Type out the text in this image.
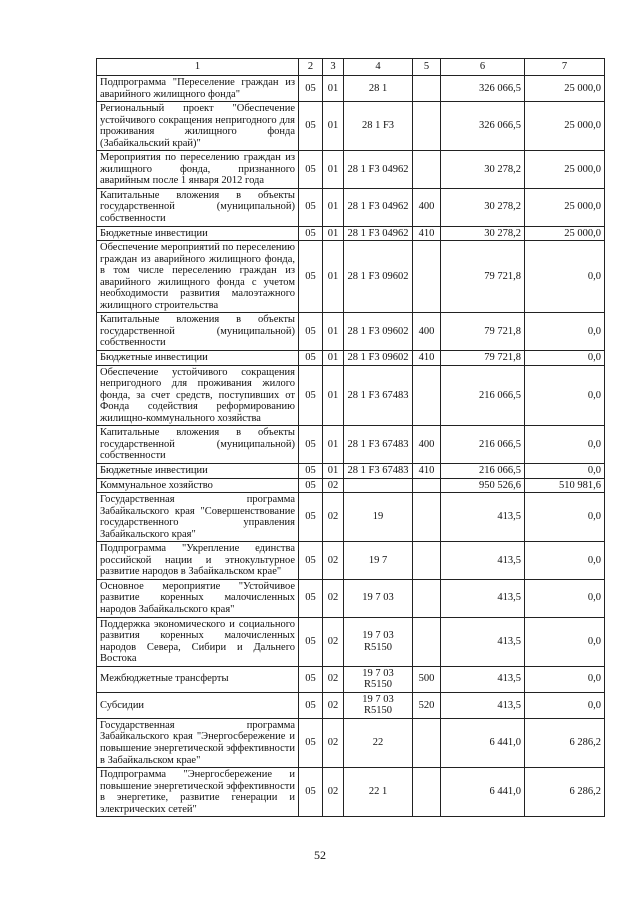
1	2	3	4	5	6	7
Подпрограмма "Переселение граждан из аварийного жилищного фонда"	05	01	28 1		326 066,5	25 000,0
Региональный проект "Обеспечение устойчивого сокращения непригодного для проживания жилищного фонда (Забайкальский край)"	05	01	28 1 F3		326 066,5	25 000,0
Мероприятия по переселению граждан из жилищного фонда, признанного аварийным после 1 января 2012 года	05	01	28 1 F3 04962		30 278,2	25 000,0
Капитальные вложения в объекты государственной (муниципальной) собственности	05	01	28 1 F3 04962	400	30 278,2	25 000,0
Бюджетные инвестиции	05	01	28 1 F3 04962	410	30 278,2	25 000,0
Обеспечение мероприятий по переселению граждан из аварийного жилищного фонда, в том числе переселению граждан из аварийного жилищного фонда с учетом необходимости развития малоэтажного жилищного строительства	05	01	28 1 F3 09602		79 721,8	0,0
Капитальные вложения в объекты государственной (муниципальной) собственности	05	01	28 1 F3 09602	400	79 721,8	0,0
Бюджетные инвестиции	05	01	28 1 F3 09602	410	79 721,8	0,0
Обеспечение устойчивого сокращения непригодного для проживания жилого фонда, за счет средств, поступивших от Фонда содействия реформированию жилищно-коммунального хозяйства	05	01	28 1 F3 67483		216 066,5	0,0
Капитальные вложения в объекты государственной (муниципальной) собственности	05	01	28 1 F3 67483	400	216 066,5	0,0
Бюджетные инвестиции	05	01	28 1 F3 67483	410	216 066,5	0,0
Коммунальное хозяйство	05	02			950 526,6	510 981,6
Государственная программа Забайкальского края "Совершенствование государственного управления Забайкальского края"	05	02	19		413,5	0,0
Подпрограмма "Укрепление единства российской нации и этнокультурное развитие народов в Забайкальском крае"	05	02	19 7		413,5	0,0
Основное мероприятие "Устойчивое развитие коренных малочисленных народов Забайкальского края"	05	02	19 7 03		413,5	0,0
Поддержка экономического и социального развития коренных малочисленных народов Севера, Сибири и Дальнего Востока	05	02	19 7 03 R5150		413,5	0,0
Межбюджетные трансферты	05	02	19 7 03 R5150	500	413,5	0,0
Субсидии	05	02	19 7 03 R5150	520	413,5	0,0
Государственная программа Забайкальского края "Энергосбережение и повышение энергетической эффективности в Забайкальском крае"	05	02	22		6 441,0	6 286,2
Подпрограмма "Энергосбережение и повышение энергетической эффективности в энергетике, развитие генерации и электрических сетей"	05	02	22 1		6 441,0	6 286,2
52
